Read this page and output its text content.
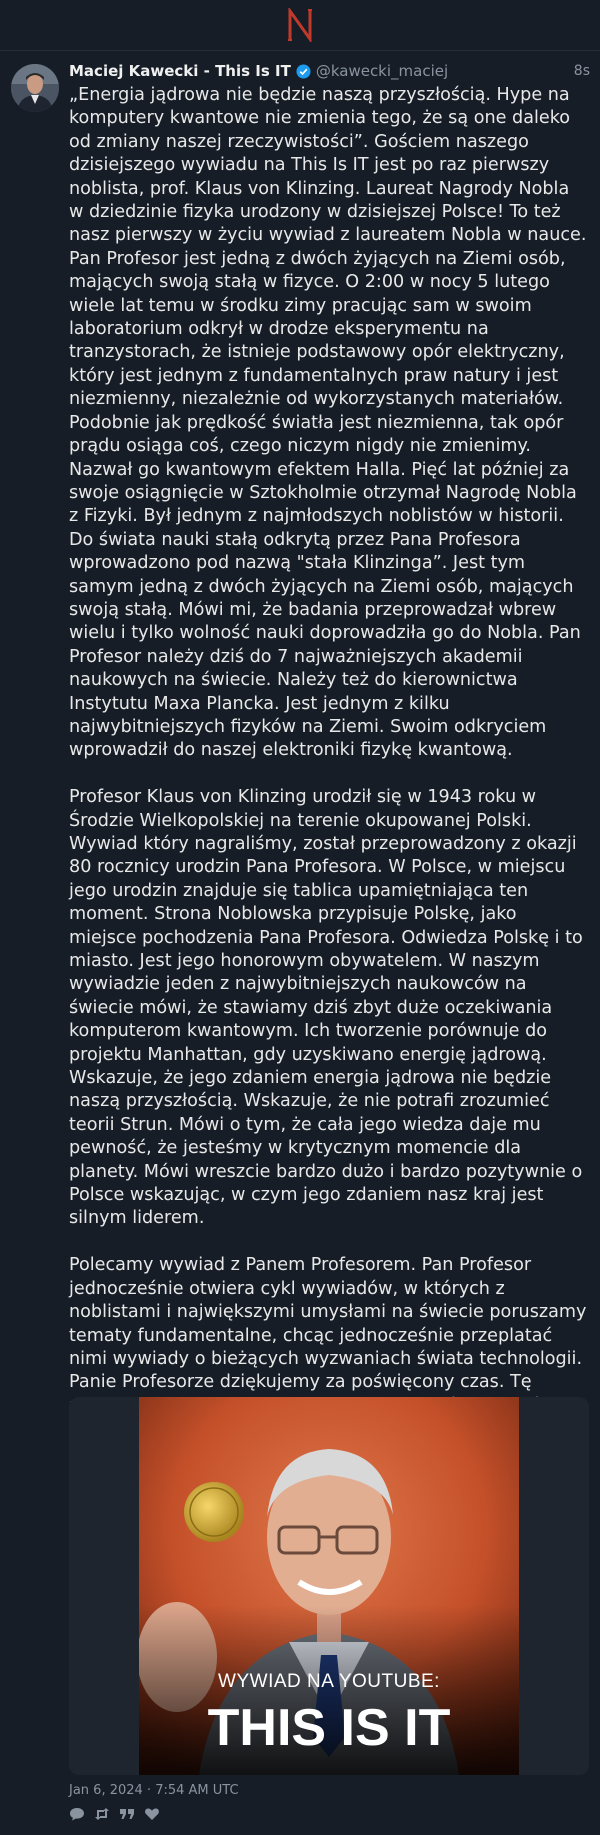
Maciej Kawecki - This Is IT @kawecki_maciej	8s

„Energia jądrowa nie będzie naszą przyszłością. Hype na komputery kwantowe nie zmienia tego, że są one daleko od zmiany naszej rzeczywistości”. Gościem naszego dzisiejszego wywiadu na This Is IT jest po raz pierwszy noblista, prof. Klaus von Klinzing. Laureat Nagrody Nobla w dziedzinie fizyka urodzony w dzisiejszej Polsce! To też nasz pierwszy w życiu wywiad z laureatem Nobla w nauce. Pan Profesor jest jedną z dwóch żyjących na Ziemi osób, mających swoją stałą w fizyce. O 2:00 w nocy 5 lutego wiele lat temu w środku zimy pracując sam w swoim laboratorium odkrył w drodze eksperymentu na tranzystorach, że istnieje podstawowy opór elektryczny, który jest jednym z fundamentalnych praw natury i jest niezmienny, niezależnie od wykorzystanych materiałów. Podobnie jak prędkość światła jest niezmienna, tak opór prądu osiąga coś, czego niczym nigdy nie zmienimy. Nazwał go kwantowym efektem Halla. Pięć lat później za swoje osiągnięcie w Sztokholmie otrzymał Nagrodę Nobla z Fizyki. Był jednym z najmłodszych noblistów w historii. Do świata nauki stałą odkrytą przez Pana Profesora wprowadzono pod nazwą "stała Klinzinga”. Jest tym samym jedną z dwóch żyjących na Ziemi osób, mających swoją stałą. Mówi mi, że badania przeprowadzał wbrew wielu i tylko wolność nauki doprowadziła go do Nobla. Pan Profesor należy dziś do 7 najważniejszych akademii naukowych na świecie. Należy też do kierownictwa Instytutu Maxa Plancka. Jest jednym z kilku najwybitniejszych fizyków na Ziemi. Swoim odkryciem wprowadził do naszej elektroniki fizykę kwantową.

Profesor Klaus von Klinzing urodził się w 1943 roku w Środzie Wielkopolskiej na terenie okupowanej Polski. Wywiad który nagraliśmy, został przeprowadzony z okazji 80 rocznicy urodzin Pana Profesora. W Polsce, w miejscu jego urodzin znajduje się tablica upamiętniająca ten moment. Strona Noblowska przypisuje Polskę, jako miejsce pochodzenia Pana Profesora. Odwiedza Polskę i to miasto. Jest jego honorowym obywatelem. W naszym wywiadzie jeden z najwybitniejszych naukowców na świecie mówi, że stawiamy dziś zbyt duże oczekiwania komputerom kwantowym. Ich tworzenie porównuje do projektu Manhattan, gdy uzyskiwano energię jądrową. Wskazuje, że jego zdaniem energia jądrowa nie będzie naszą przyszłością. Wskazuje, że nie potrafi zrozumieć teorii Strun. Mówi o tym, że cała jego wiedza daje mu pewność, że jesteśmy w krytycznym momencie dla planety. Mówi wreszcie bardzo dużo i bardzo pozytywnie o Polsce wskazując, w czym jego zdaniem nasz kraj jest silnym liderem.

Polecamy wywiad z Panem Profesorem. Pan Profesor jednocześnie otwiera cykl wywiadów, w których z noblistami i największymi umysłami na świecie poruszamy tematy fundamentalne, chcąc jednocześnie przeplatać nimi wywiady o bieżących wyzwaniach świata technologii. Panie Profesorze dziękujemy za poświęcony czas. Tę

WYWIAD NA YOUTUBE:
THIS IS IT
Jan 6, 2024 · 7:54 AM UTC
